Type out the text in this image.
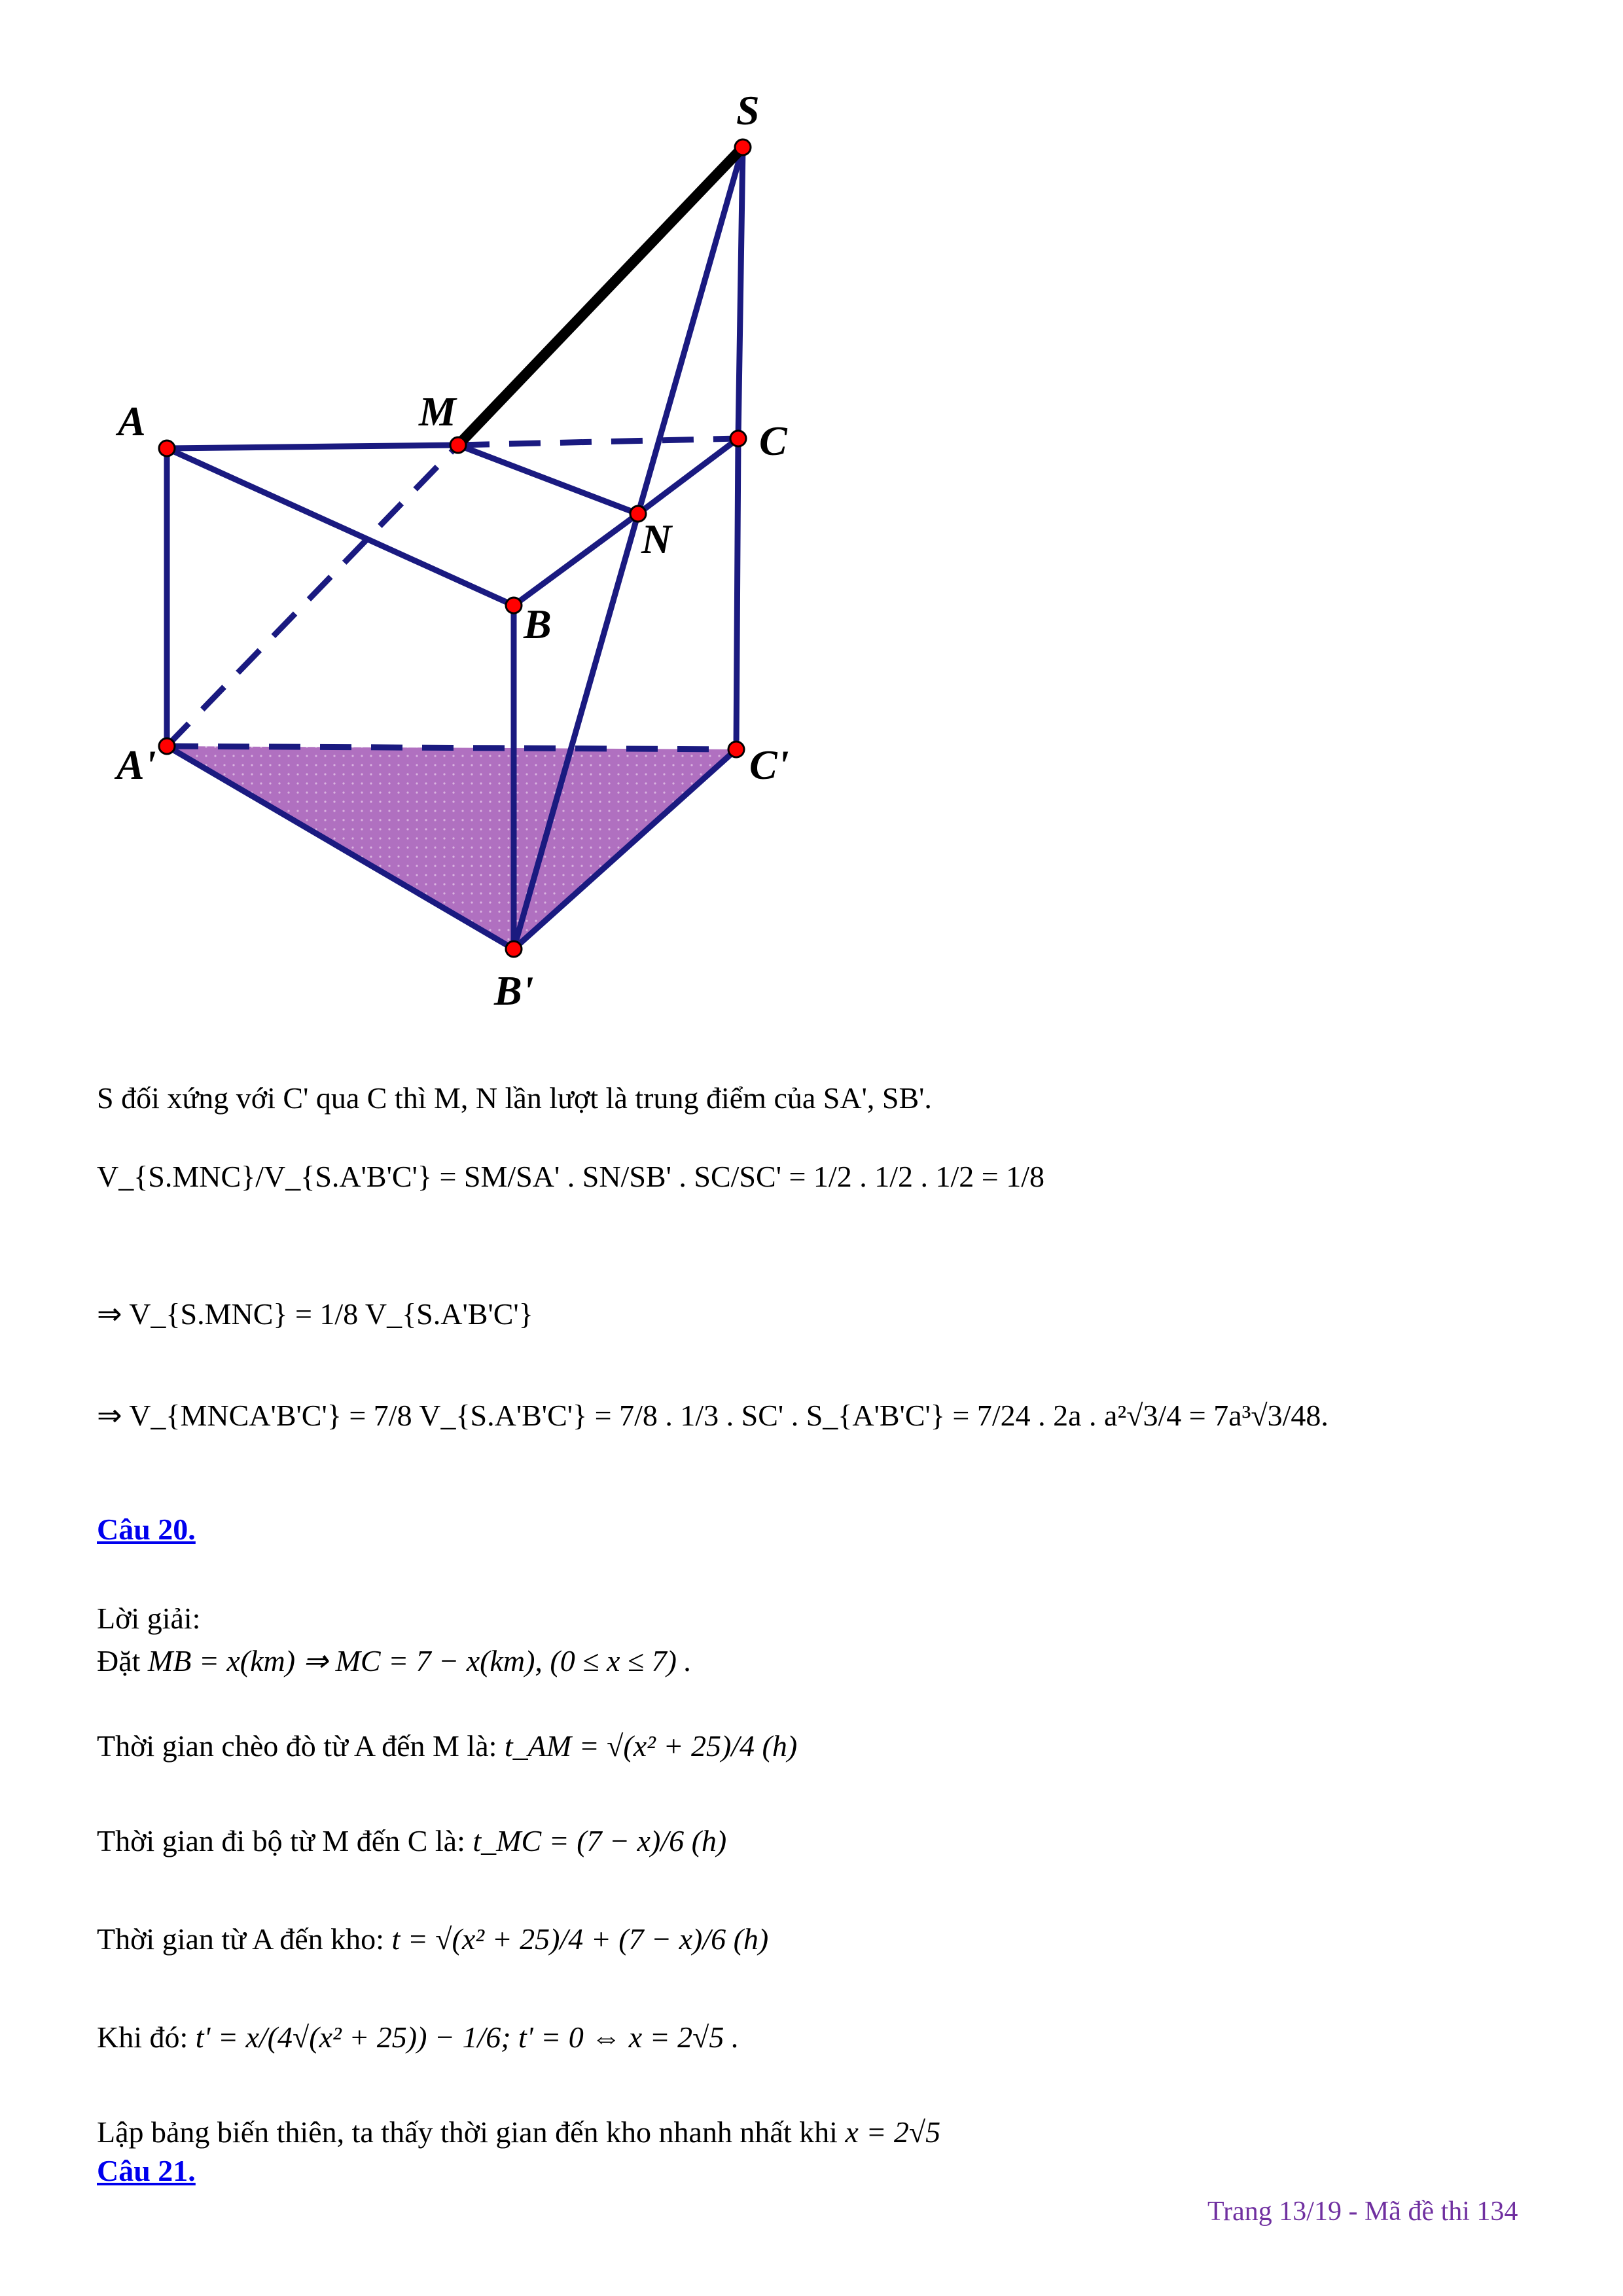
S
A	M
C
N
B
A'	C'
B'
S đối xứng với C' qua C thì M, N lần lượt là trung điểm của SA', SB'.
V_{S.MNC}/V_{S.A'B'C'} = SM/SA' . SN/SB' . SC/SC' = 1/2 . 1/2 . 1/2 = 1/8
⇒ V_{S.MNC} = 1/8 V_{S.A'B'C'}
⇒ V_{MNCA'B'C'} = 7/8 V_{S.A'B'C'} = 7/8 . 1/3 . SC' . S_{A'B'C'} = 7/24 . 2a . a²√3/4 = 7a³√3/48.
Câu 20.
Lời giải:
Đặt MB = x(km) ⇒ MC = 7 − x(km), (0 ≤ x ≤ 7) .
Thời gian chèo đò từ A đến M là: t_AM = √(x² + 25)/4 (h)
Thời gian đi bộ từ M đến C là: t_MC = (7 − x)/6 (h)
Thời gian từ A đến kho: t = √(x² + 25)/4 + (7 − x)/6 (h)
Khi đó: t' = x/(4√(x² + 25)) − 1/6; t' = 0 ⇔ x = 2√5 .
Lập bảng biến thiên, ta thấy thời gian đến kho nhanh nhất khi x = 2√5
Câu 21.
Trang 13/19 - Mã đề thi 134
